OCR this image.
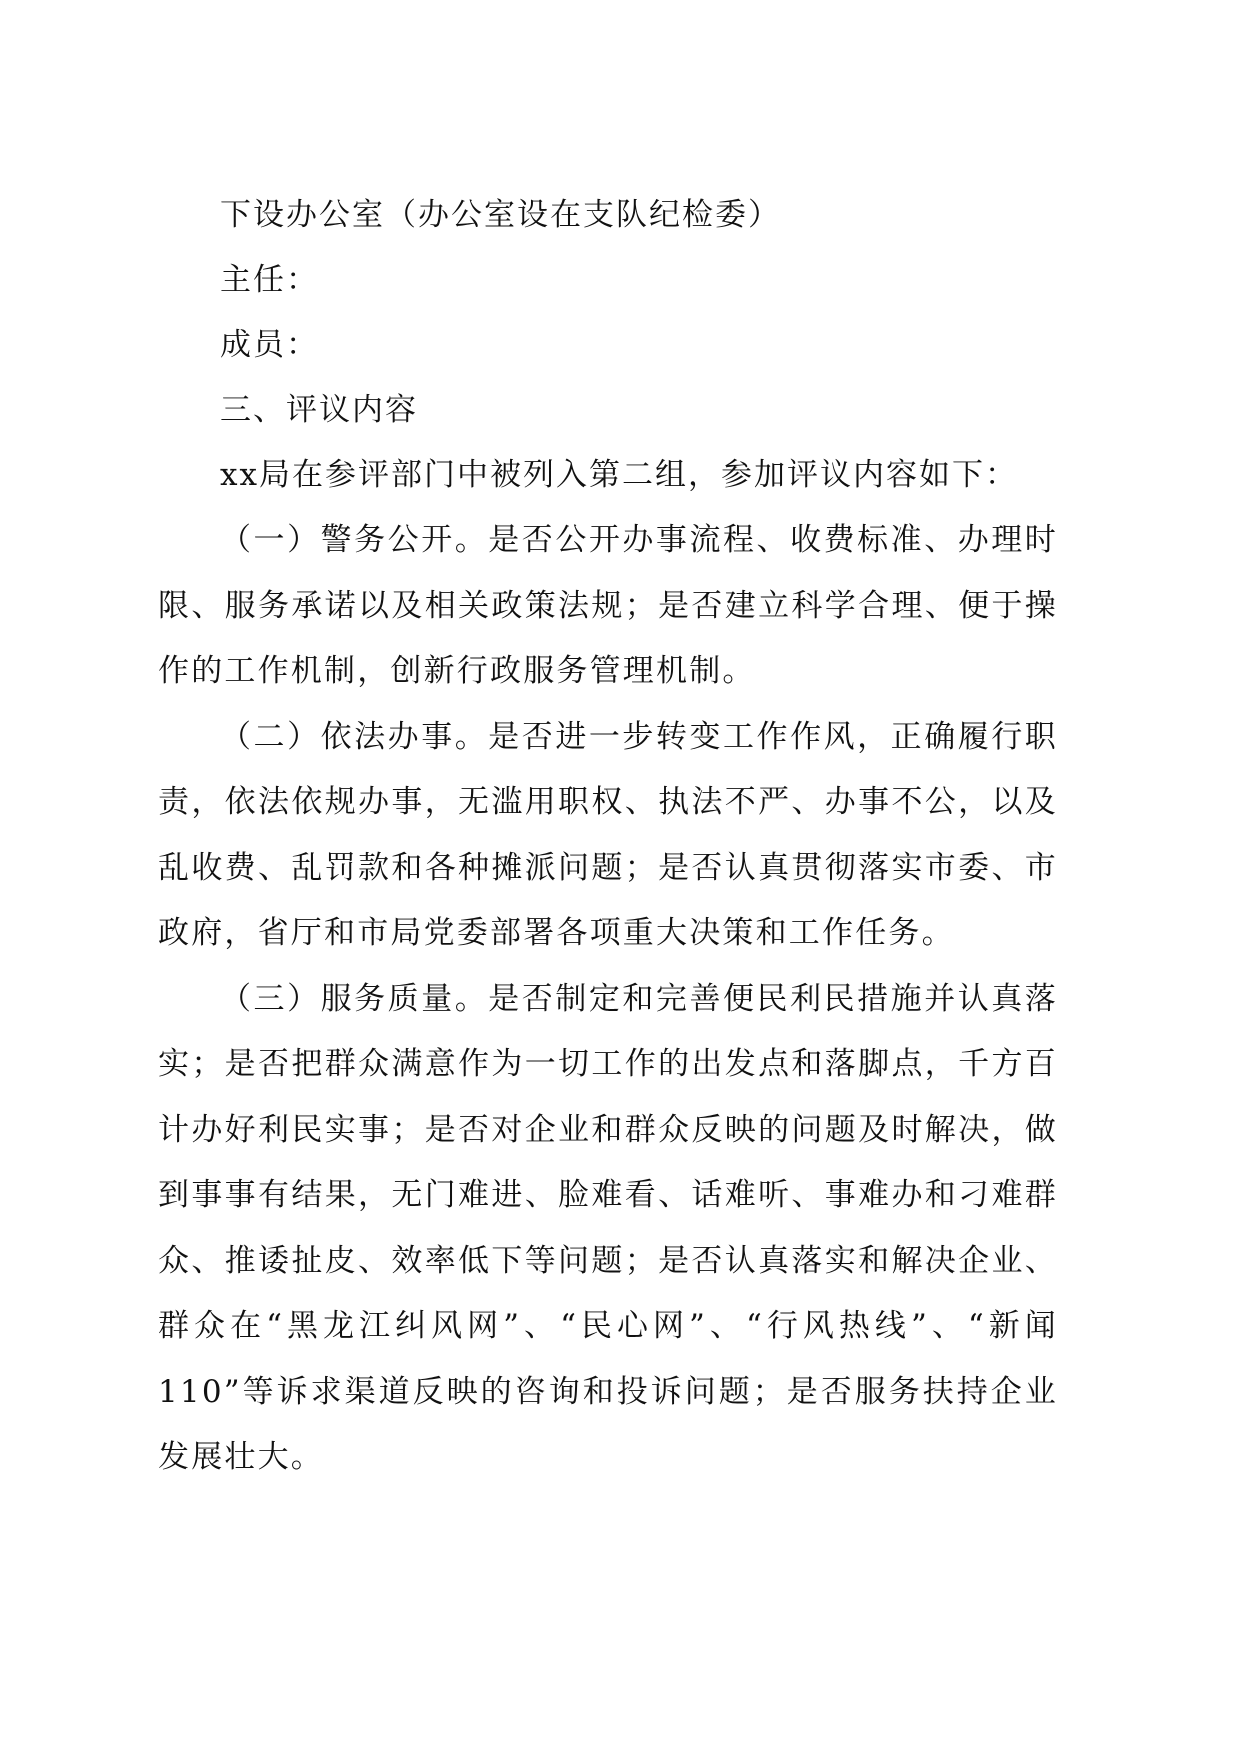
下设办公室（办公室设在支队纪检委）

主任：

成员：

三、评议内容

xx局在参评部门中被列入第二组，参加评议内容如下：

（一）警务公开。是否公开办事流程、收费标准、办理时限、服务承诺以及相关政策法规；是否建立科学合理、便于操作的工作机制，创新行政服务管理机制。

（二）依法办事。是否进一步转变工作作风，正确履行职责，依法依规办事，无滥用职权、执法不严、办事不公，以及乱收费、乱罚款和各种摊派问题；是否认真贯彻落实市委、市政府，省厅和市局党委部署各项重大决策和工作任务。

（三）服务质量。是否制定和完善便民利民措施并认真落实；是否把群众满意作为一切工作的出发点和落脚点，千方百计办好利民实事；是否对企业和群众反映的问题及时解决，做到事事有结果，无门难进、脸难看、话难听、事难办和刁难群众、推诿扯皮、效率低下等问题；是否认真落实和解决企业、群众在“黑龙江纠风网”、“民心网”、“行风热线”、“新闻110”等诉求渠道反映的咨询和投诉问题；是否服务扶持企业发展壮大。
